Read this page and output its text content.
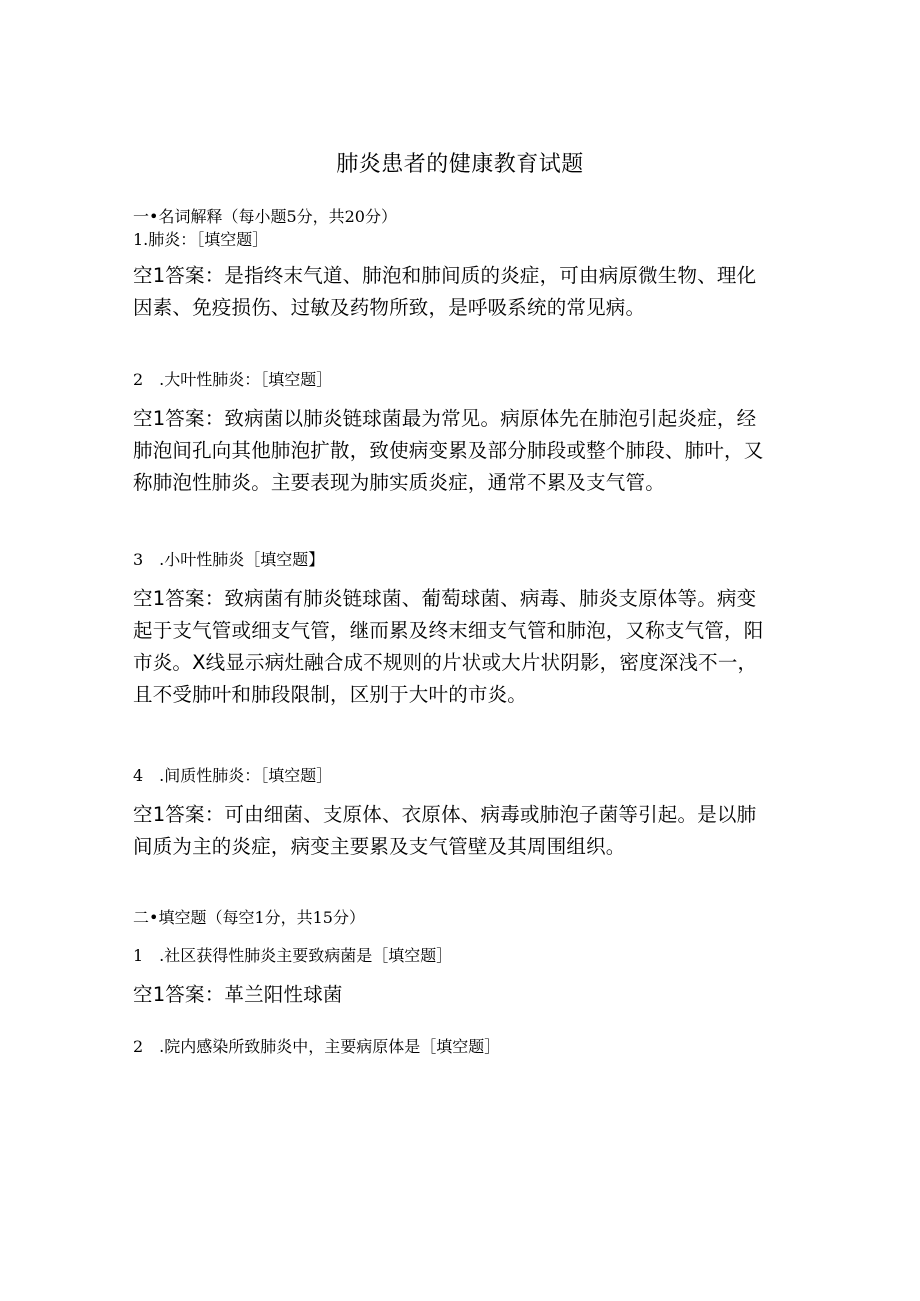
肺炎患者的健康教育试题
一•名词解释（每小题5分，共20分）
1.肺炎：［填空题］
空1答案：是指终末气道、肺泡和肺间质的炎症，可由病原微生物、理化
因素、免疫损伤、过敏及药物所致，是呼吸系统的常见病。
2　.大叶性肺炎：［填空题］
空1答案：致病菌以肺炎链球菌最为常见。病原体先在肺泡引起炎症，经
肺泡间孔向其他肺泡扩散，致使病变累及部分肺段或整个肺段、肺叶，又
称肺泡性肺炎。主要表现为肺实质炎症，通常不累及支气管。
3　.小叶性肺炎［填空题】
空1答案：致病菌有肺炎链球菌、葡萄球菌、病毒、肺炎支原体等。病变
起于支气管或细支气管，继而累及终末细支气管和肺泡，又称支气管，阳
市炎。X线显示病灶融合成不规则的片状或大片状阴影，密度深浅不一，
且不受肺叶和肺段限制，区别于大叶的市炎。
4　.间质性肺炎：［填空题］
空1答案：可由细菌、支原体、衣原体、病毒或肺泡子菌等引起。是以肺
间质为主的炎症，病变主要累及支气管壁及其周围组织。
二•填空题（每空1分，共15分）
1　.社区获得性肺炎主要致病菌是［填空题］
空1答案：革兰阳性球菌
2　.院内感染所致肺炎中，主要病原体是［填空题］
